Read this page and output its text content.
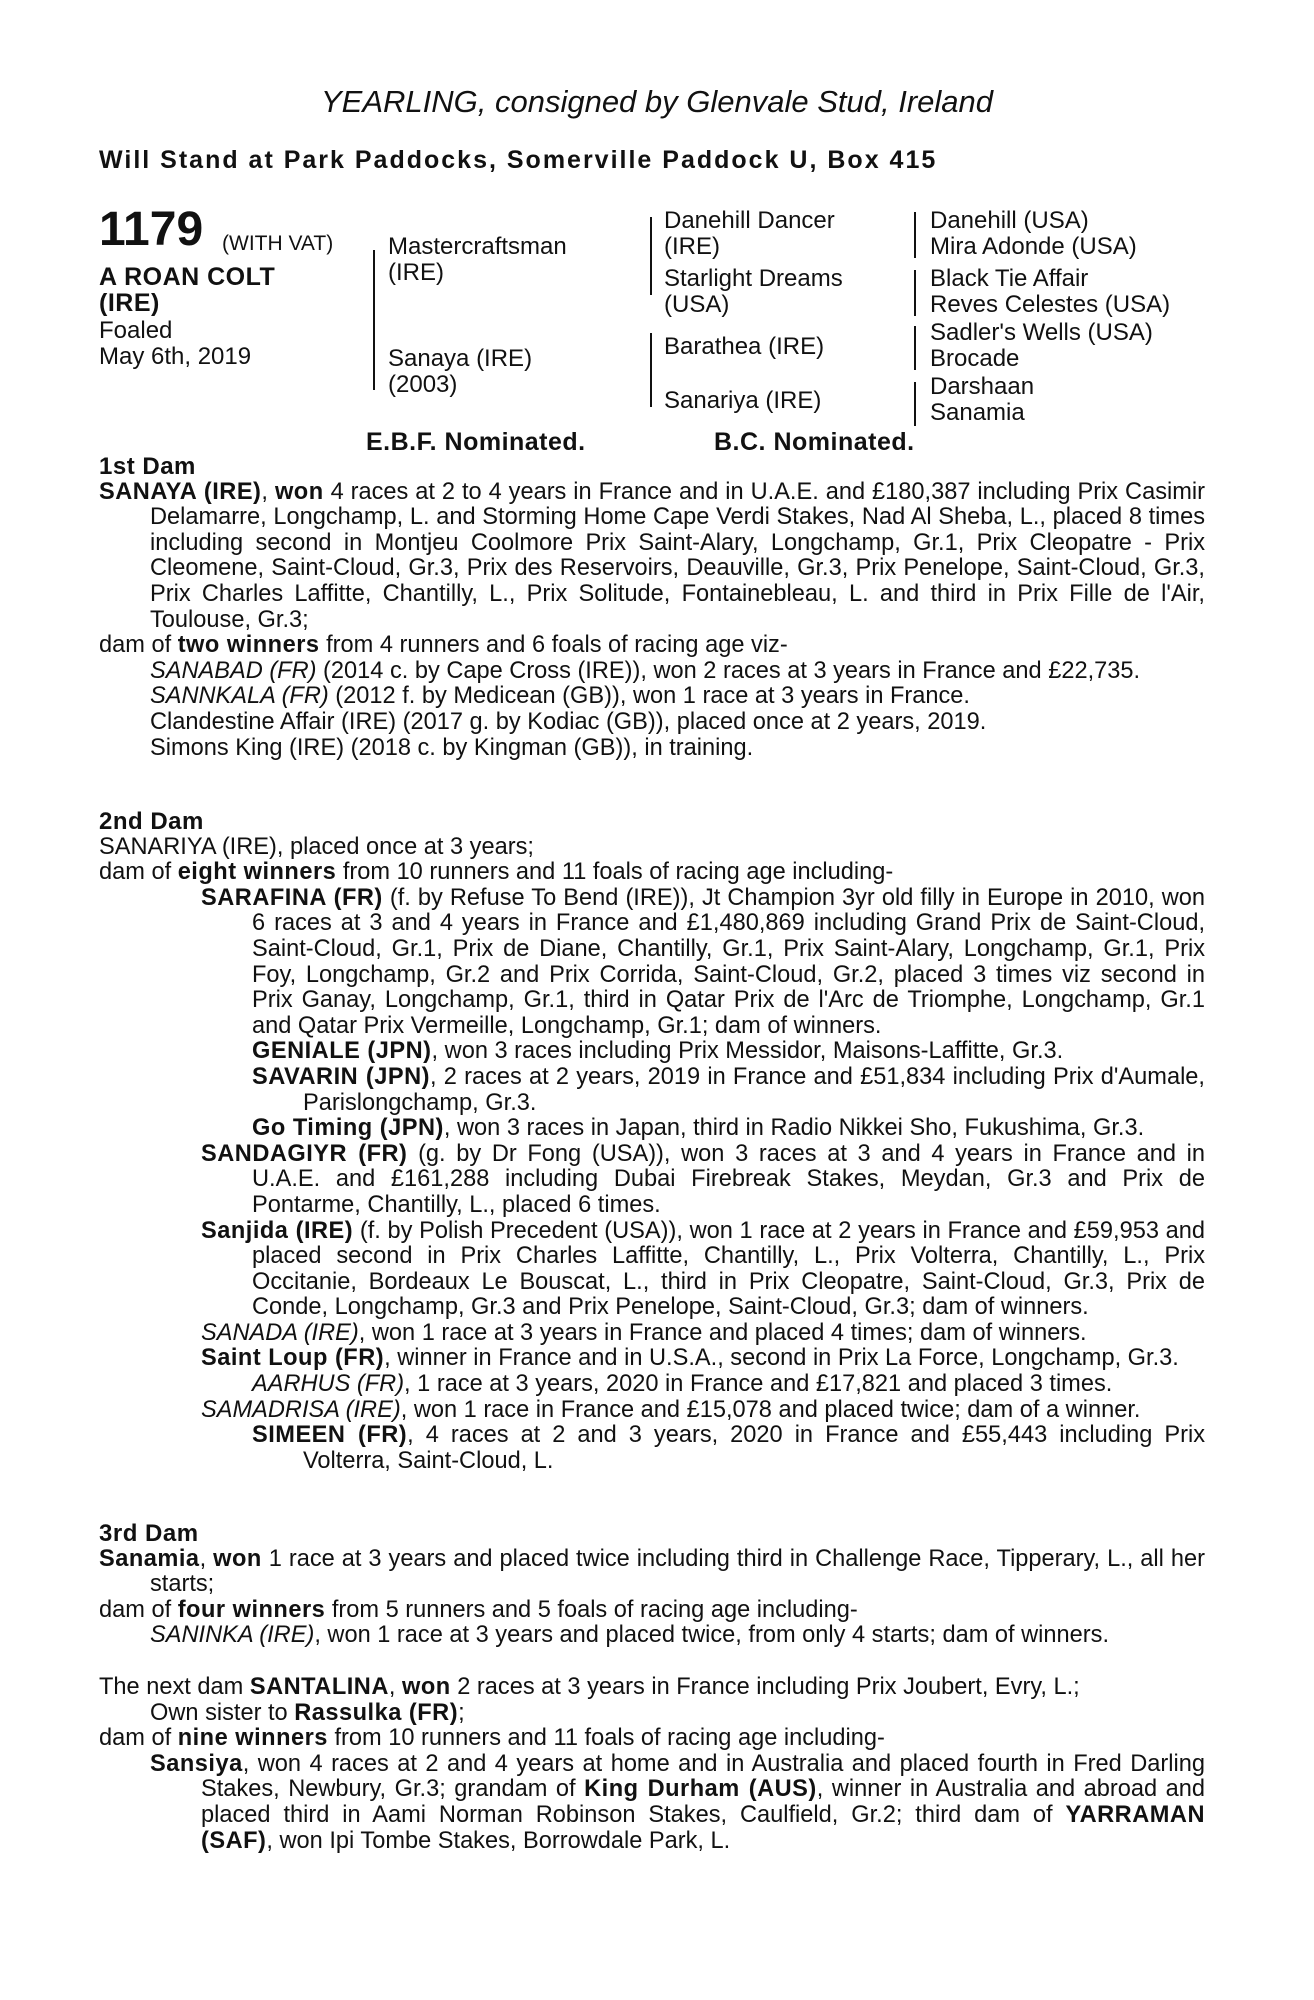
YEARLING, consigned by Glenvale Stud, Ireland
Will Stand at Park Paddocks, Somerville Paddock U, Box 415
1179 (WITH VAT)
A ROAN COLT
(IRE)
Foaled
May 6th, 2019
Mastercraftsman
(IRE)
Sanaya (IRE)
(2003)
Danehill Dancer
(IRE)
Starlight Dreams
(USA)
Barathea (IRE)
Sanariya (IRE)
Danehill (USA)
Mira Adonde (USA)
Black Tie Affair
Reves Celestes (USA)
Sadler's Wells (USA)
Brocade
Darshaan
Sanamia
E.B.F. Nominated.	B.C. Nominated.

1st Dam

SANAYA (IRE), won 4 races at 2 to 4 years in France and in U.A.E. and £180,387 including Prix Casimir Delamarre, Longchamp, L. and Storming Home Cape Verdi Stakes, Nad Al Sheba, L., placed 8 times including second in Montjeu Coolmore Prix Saint-Alary, Longchamp, Gr.1, Prix Cleopatre - Prix Cleomene, Saint-Cloud, Gr.3, Prix des Reservoirs, Deauville, Gr.3, Prix Penelope, Saint-Cloud, Gr.3, Prix Charles Laffitte, Chantilly, L., Prix Solitude, Fontainebleau, L. and third in Prix Fille de l'Air, Toulouse, Gr.3;

dam of two winners from 4 runners and 6 foals of racing age viz-

SANABAD (FR) (2014 c. by Cape Cross (IRE)), won 2 races at 3 years in France and £22,735.

SANNKALA (FR) (2012 f. by Medicean (GB)), won 1 race at 3 years in France.

Clandestine Affair (IRE) (2017 g. by Kodiac (GB)), placed once at 2 years, 2019.

Simons King (IRE) (2018 c. by Kingman (GB)), in training.

2nd Dam

SANARIYA (IRE), placed once at 3 years;

dam of eight winners from 10 runners and 11 foals of racing age including-

SARAFINA (FR) (f. by Refuse To Bend (IRE)), Jt Champion 3yr old filly in Europe in 2010, won 6 races at 3 and 4 years in France and £1,480,869 including Grand Prix de Saint-Cloud, Saint-Cloud, Gr.1, Prix de Diane, Chantilly, Gr.1, Prix Saint-Alary, Longchamp, Gr.1, Prix Foy, Longchamp, Gr.2 and Prix Corrida, Saint-Cloud, Gr.2, placed 3 times viz second in Prix Ganay, Longchamp, Gr.1, third in Qatar Prix de l'Arc de Triomphe, Longchamp, Gr.1 and Qatar Prix Vermeille, Longchamp, Gr.1; dam of winners.

GENIALE (JPN), won 3 races including Prix Messidor, Maisons-Laffitte, Gr.3.

SAVARIN (JPN), 2 races at 2 years, 2019 in France and £51,834 including Prix d'Aumale, Parislongchamp, Gr.3.

Go Timing (JPN), won 3 races in Japan, third in Radio Nikkei Sho, Fukushima, Gr.3.

SANDAGIYR (FR) (g. by Dr Fong (USA)), won 3 races at 3 and 4 years in France and in U.A.E. and £161,288 including Dubai Firebreak Stakes, Meydan, Gr.3 and Prix de Pontarme, Chantilly, L., placed 6 times.

Sanjida (IRE) (f. by Polish Precedent (USA)), won 1 race at 2 years in France and £59,953 and placed second in Prix Charles Laffitte, Chantilly, L., Prix Volterra, Chantilly, L., Prix Occitanie, Bordeaux Le Bouscat, L., third in Prix Cleopatre, Saint-Cloud, Gr.3, Prix de Conde, Longchamp, Gr.3 and Prix Penelope, Saint-Cloud, Gr.3; dam of winners.

SANADA (IRE), won 1 race at 3 years in France and placed 4 times; dam of winners.

Saint Loup (FR), winner in France and in U.S.A., second in Prix La Force, Longchamp, Gr.3.

AARHUS (FR), 1 race at 3 years, 2020 in France and £17,821 and placed 3 times.

SAMADRISA (IRE), won 1 race in France and £15,078 and placed twice; dam of a winner.

SIMEEN (FR), 4 races at 2 and 3 years, 2020 in France and £55,443 including Prix Volterra, Saint-Cloud, L.

3rd Dam

Sanamia, won 1 race at 3 years and placed twice including third in Challenge Race, Tipperary, L., all her starts;

dam of four winners from 5 runners and 5 foals of racing age including-

SANINKA (IRE), won 1 race at 3 years and placed twice, from only 4 starts; dam of winners.

The next dam SANTALINA, won 2 races at 3 years in France including Prix Joubert, Evry, L.;

Own sister to Rassulka (FR);

dam of nine winners from 10 runners and 11 foals of racing age including-

Sansiya, won 4 races at 2 and 4 years at home and in Australia and placed fourth in Fred Darling Stakes, Newbury, Gr.3; grandam of King Durham (AUS), winner in Australia and abroad and placed third in Aami Norman Robinson Stakes, Caulfield, Gr.2; third dam of YARRAMAN (SAF), won Ipi Tombe Stakes, Borrowdale Park, L.
